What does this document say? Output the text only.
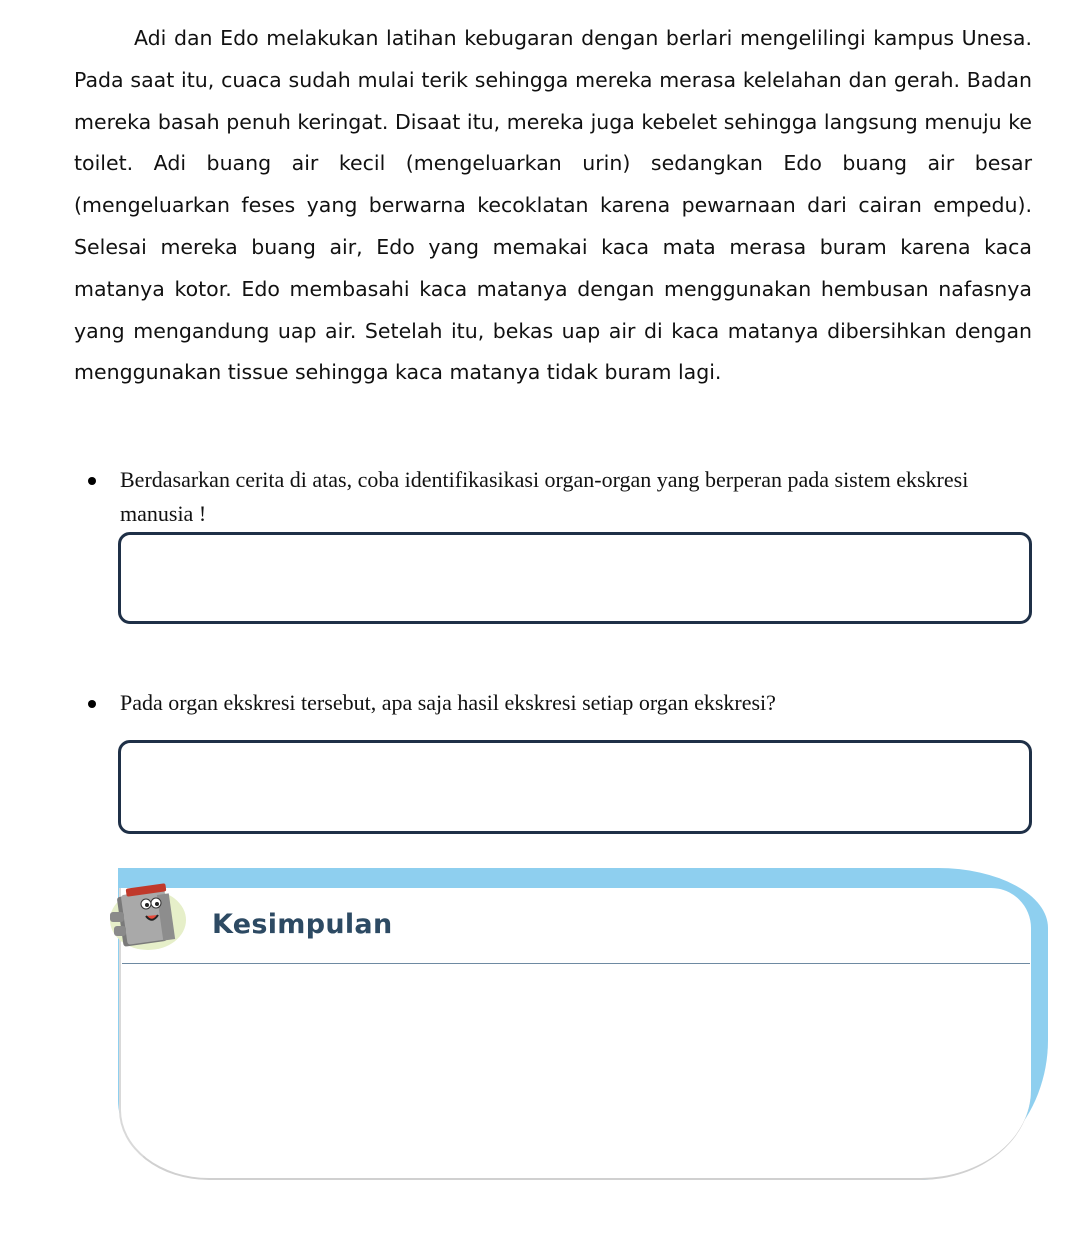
Adi dan Edo melakukan latihan kebugaran dengan berlari mengelilingi kampus Unesa. Pada saat itu, cuaca sudah mulai terik sehingga mereka merasa kelelahan dan gerah. Badan mereka basah penuh keringat. Disaat itu, mereka juga kebelet sehingga langsung menuju ke toilet. Adi buang air kecil (mengeluarkan urin) sedangkan Edo buang air besar (mengeluarkan feses yang berwarna kecoklatan karena pewarnaan dari cairan empedu). Selesai mereka buang air, Edo yang memakai kaca mata merasa buram karena kaca matanya kotor. Edo membasahi kaca matanya dengan menggunakan hembusan nafasnya yang mengandung uap air. Setelah itu, bekas uap air di kaca matanya dibersihkan dengan menggunakan tissue sehingga kaca matanya tidak buram lagi.

Berdasarkan cerita di atas, coba identifikasikasi organ-organ yang berperan pada sistem ekskresi manusia !
Pada organ ekskresi tersebut, apa saja hasil ekskresi setiap organ ekskresi?
Kesimpulan
